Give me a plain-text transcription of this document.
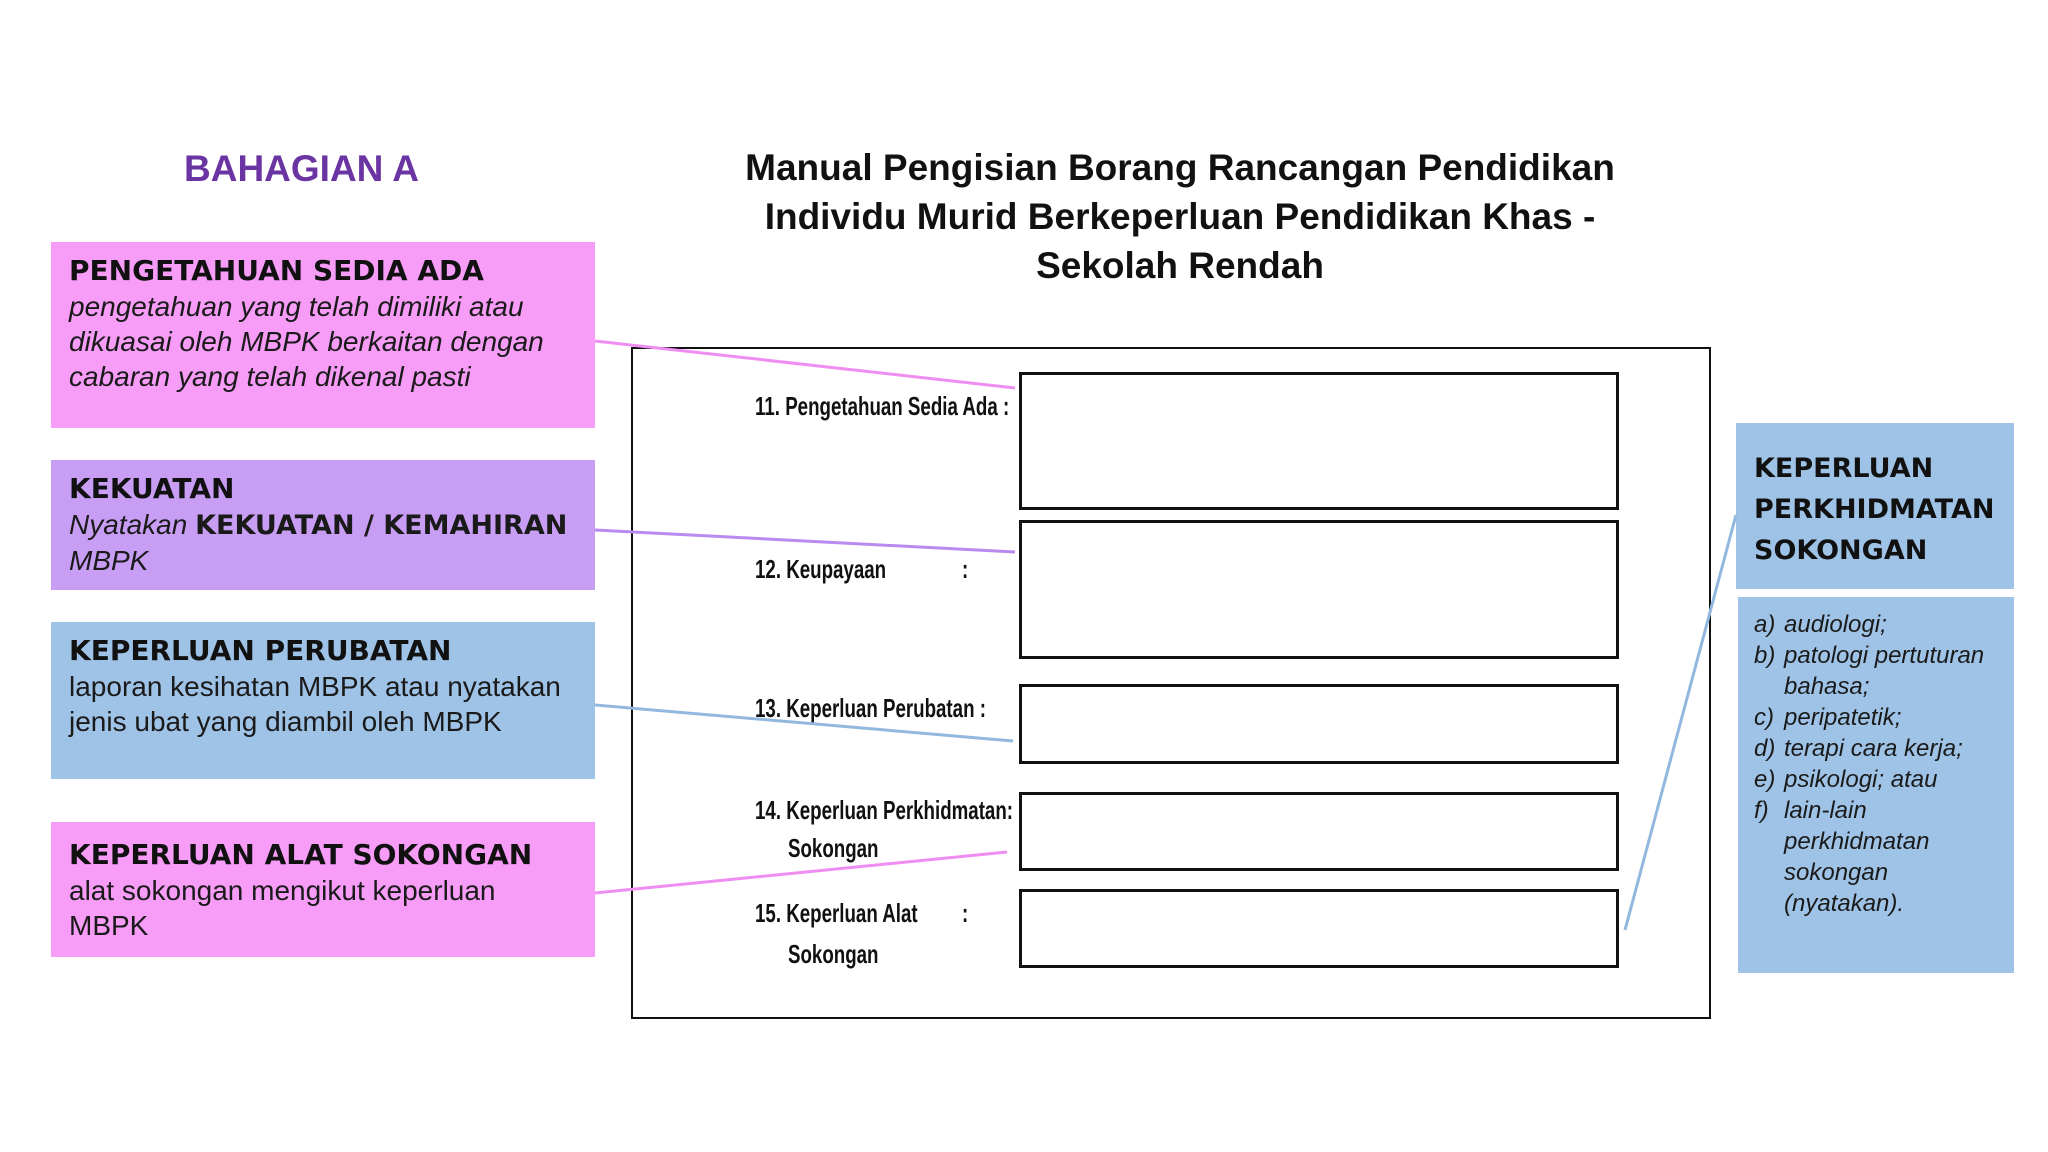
BAHAGIAN A	Manual Pengisian Borang Rancangan Pendidikan
Individu Murid Berkeperluan Pendidikan Khas -
Sekolah Rendah
PENGETAHUAN SEDIA ADA
pengetahuan yang telah dimiliki atau dikuasai oleh MBPK berkaitan dengan cabaran yang telah dikenal pasti
KEKUATAN
Nyatakan KEKUATAN / KEMAHIRAN
MBPK
KEPERLUAN PERUBATAN
laporan kesihatan MBPK atau nyatakan jenis ubat yang diambil oleh MBPK
KEPERLUAN ALAT SOKONGAN
alat sokongan mengikut keperluan MBPK
11. Pengetahuan Sedia Ada :
12. Keupayaan	:
13. Keperluan Perubatan :
14. Keperluan Perkhidmatan:
Sokongan
15. Keperluan Alat :
Sokongan
KEPERLUAN
PERKHIDMATAN
SOKONGAN
a) audiologi;
b) patologi pertuturan bahasa;
c) peripatetik;
d) terapi cara kerja;
e) psikologi; atau
f) lain-lain perkhidmatan sokongan (nyatakan).
